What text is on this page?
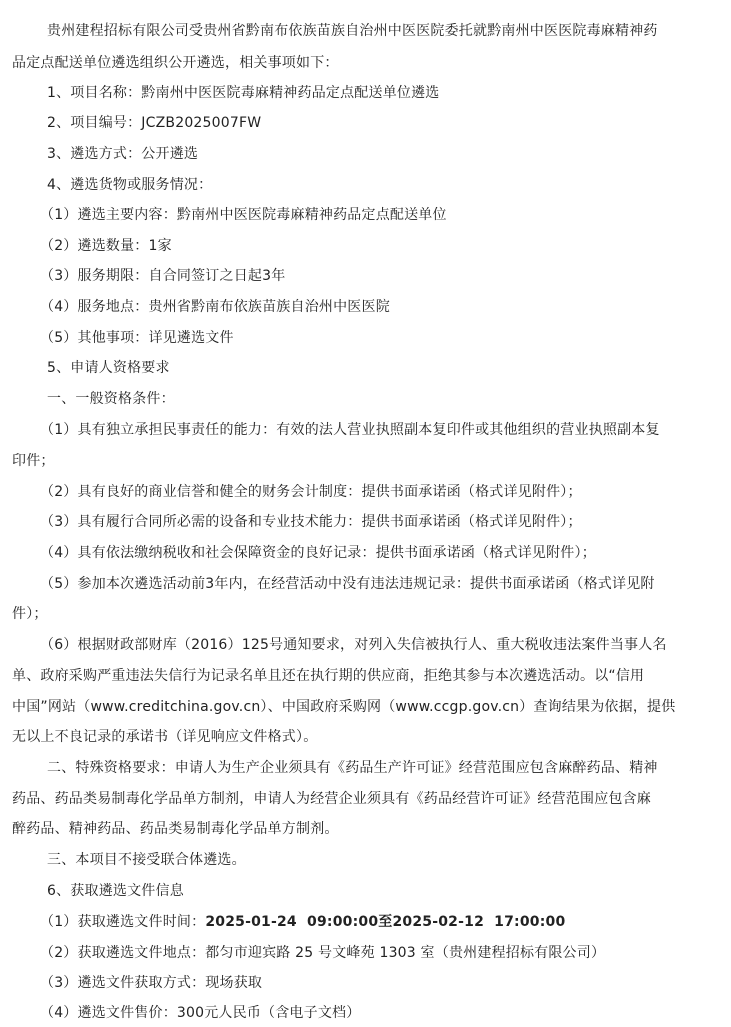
贵州建程招标有限公司受贵州省黔南布依族苗族自治州中医医院委托就黔南州中医医院毒麻精神药
品定点配送单位遴选组织公开遴选，相关事项如下：
1、项目名称：黔南州中医医院毒麻精神药品定点配送单位遴选
2、项目编号：JCZB2025007FW
3、遴选方式：公开遴选
4、遴选货物或服务情况：
（1）遴选主要内容：黔南州中医医院毒麻精神药品定点配送单位
（2）遴选数量：1家
（3）服务期限：自合同签订之日起3年
（4）服务地点：贵州省黔南布依族苗族自治州中医医院
（5）其他事项：详见遴选文件
5、申请人资格要求
一、一般资格条件：
（1）具有独立承担民事责任的能力：有效的法人营业执照副本复印件或其他组织的营业执照副本复
印件；
（2）具有良好的商业信誉和健全的财务会计制度：提供书面承诺函（格式详见附件）；
（3）具有履行合同所必需的设备和专业技术能力：提供书面承诺函（格式详见附件）；
（4）具有依法缴纳税收和社会保障资金的良好记录：提供书面承诺函（格式详见附件）；
（5）参加本次遴选活动前3年内，在经营活动中没有违法违规记录：提供书面承诺函（格式详见附
件）；
（6）根据财政部财库（2016）125号通知要求，对列入失信被执行人、重大税收违法案件当事人名
单、政府采购严重违法失信行为记录名单且还在执行期的供应商，拒绝其参与本次遴选活动。以“信用
中国”网站（www.creditchina.gov.cn）、中国政府采购网（www.ccgp.gov.cn）查询结果为依据，提供
无以上不良记录的承诺书（详见响应文件格式）。
二、特殊资格要求：申请人为生产企业须具有《药品生产许可证》经营范围应包含麻醉药品、精神
药品、药品类易制毒化学品单方制剂，申请人为经营企业须具有《药品经营许可证》经营范围应包含麻
醉药品、精神药品、药品类易制毒化学品单方制剂。
三、本项目不接受联合体遴选。
6、获取遴选文件信息
（1）获取遴选文件时间：2025-01-24  09:00:00至2025-02-12  17:00:00
（2）获取遴选文件地点：都匀市迎宾路 25 号文峰苑 1303 室（贵州建程招标有限公司）
（3）遴选文件获取方式：现场获取
（4）遴选文件售价：300元人民币（含电子文档）
